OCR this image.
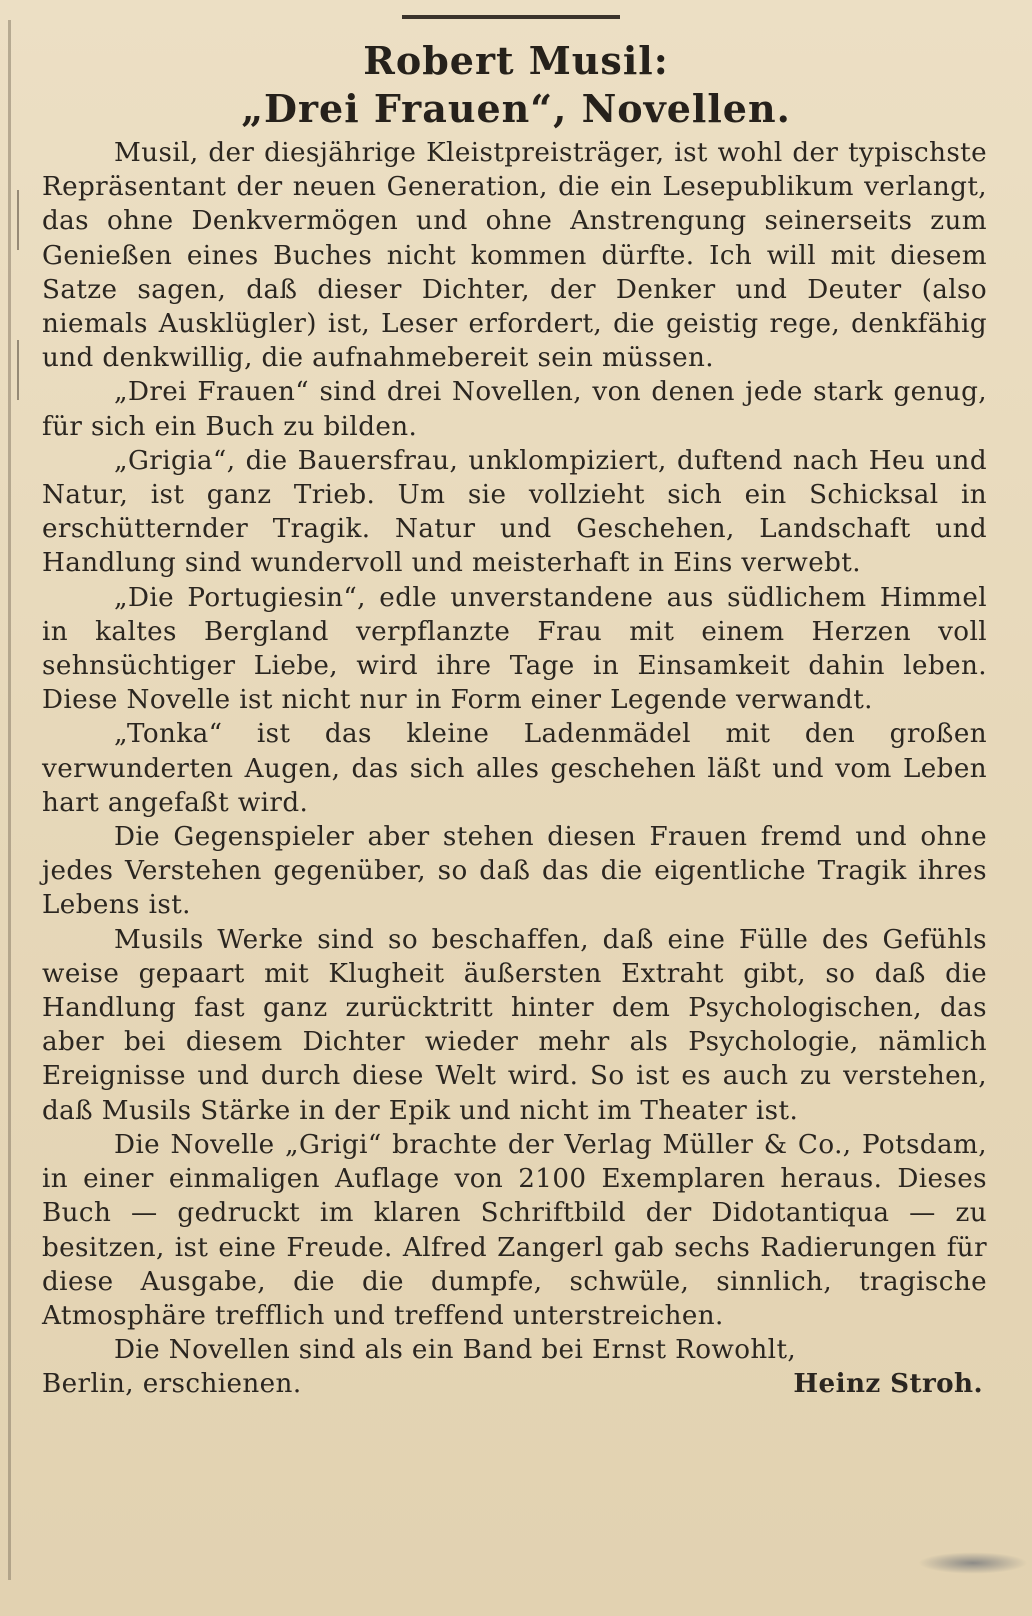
Robert Musil:
„Drei Frauen“, Novellen.

Musil, der diesjährige Kleistpreisträger, ist wohl der typischste Repräsentant der neuen Generation, die ein Lesepublikum verlangt, das ohne Denkvermögen und ohne Anstrengung seinerseits zum Genießen eines Buches nicht kommen dürfte. Ich will mit diesem Satze sagen, daß dieser Dichter, der Denker und Deuter (also niemals Ausklügler) ist, Leser erfordert, die geistig rege, denkfähig und denkwillig, die aufnahmebereit sein müssen.

„Drei Frauen“ sind drei Novellen, von denen jede stark genug, für sich ein Buch zu bilden.

„Grigia“, die Bauersfrau, unklompiziert, duftend nach Heu und Natur, ist ganz Trieb. Um sie vollzieht sich ein Schicksal in erschütternder Tragik. Natur und Geschehen, Landschaft und Handlung sind wundervoll und meisterhaft in Eins verwebt.

„Die Portugiesin“, edle unverstandene aus südlichem Himmel in kaltes Bergland verpflanzte Frau mit einem Herzen voll sehnsüchtiger Liebe, wird ihre Tage in Einsamkeit dahin leben. Diese Novelle ist nicht nur in Form einer Legende verwandt.

„Tonka“ ist das kleine Ladenmädel mit den großen verwunderten Augen, das sich alles geschehen läßt und vom Leben hart angefaßt wird.

Die Gegenspieler aber stehen diesen Frauen fremd und ohne jedes Verstehen gegenüber, so daß das die eigentliche Tragik ihres Lebens ist.

Musils Werke sind so beschaffen, daß eine Fülle des Gefühls weise gepaart mit Klugheit äußersten Extraht gibt, so daß die Handlung fast ganz zurücktritt hinter dem Psychologischen, das aber bei diesem Dichter wieder mehr als Psychologie, nämlich Ereignisse und durch diese Welt wird. So ist es auch zu verstehen, daß Musils Stärke in der Epik und nicht im Theater ist.

Die Novelle „Grigi“ brachte der Verlag Müller & Co., Potsdam, in einer einmaligen Auflage von 2100 Exemplaren heraus. Dieses Buch — gedruckt im klaren Schriftbild der Didotantiqua — zu besitzen, ist eine Freude. Alfred Zangerl gab sechs Radierungen für diese Ausgabe, die die dumpfe, schwüle, sinnlich, tragische Atmosphäre trefflich und treffend unterstreichen.

Die Novellen sind als ein Band bei Ernst Rowohlt,

Berlin, erschienen.	Heinz Stroh.
